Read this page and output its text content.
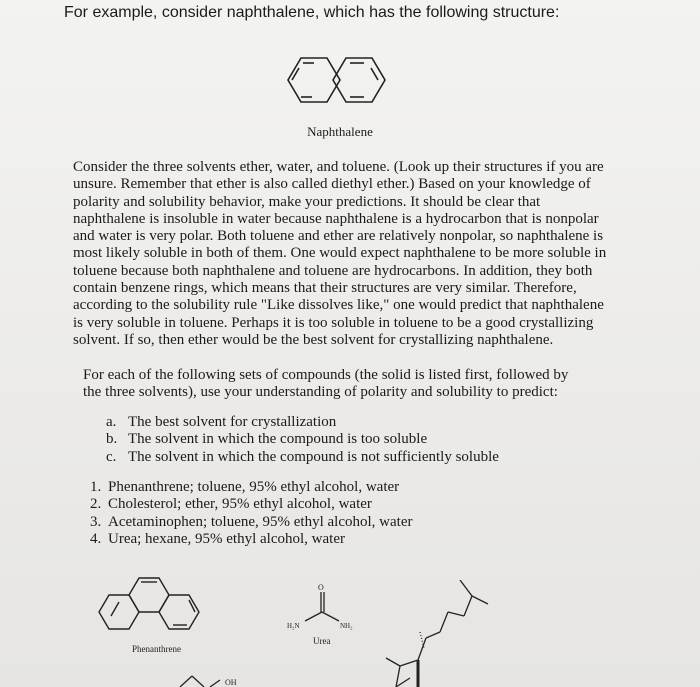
For example, consider naphthalene, which has the following structure:

Naphthalene

Consider the three solvents ether, water, and toluene. (Look up their structures if you are unsure. Remember that ether is also called diethyl ether.) Based on your knowledge of polarity and solubility behavior, make your predictions. It should be clear that naphthalene is insoluble in water because naphthalene is a hydrocarbon that is nonpolar and water is very polar. Both toluene and ether are relatively nonpolar, so naphthalene is most likely soluble in both of them. One would expect naphthalene to be more soluble in toluene because both naphthalene and toluene are hydrocarbons. In addition, they both contain benzene rings, which means that their structures are very similar. Therefore, according to the solubility rule "Like dissolves like," one would predict that naphthalene is very soluble in toluene. Perhaps it is too soluble in toluene to be a good crystallizing solvent. If so, then ether would be the best solvent for crystallizing naphthalene.

For each of the following sets of compounds (the solid is listed first, followed by the three solvents), use your understanding of polarity and solubility to predict:

a. The best solvent for crystallization
b. The solvent in which the compound is too soluble
c. The solvent in which the compound is not sufficiently soluble
1. Phenanthrene; toluene, 95% ethyl alcohol, water
2. Cholesterol; ether, 95% ethyl alcohol, water
3. Acetaminophen; toluene, 95% ethyl alcohol, water
4. Urea; hexane, 95% ethyl alcohol, water
Phenanthrene
O
H₂N	NH₂
Urea
OH
